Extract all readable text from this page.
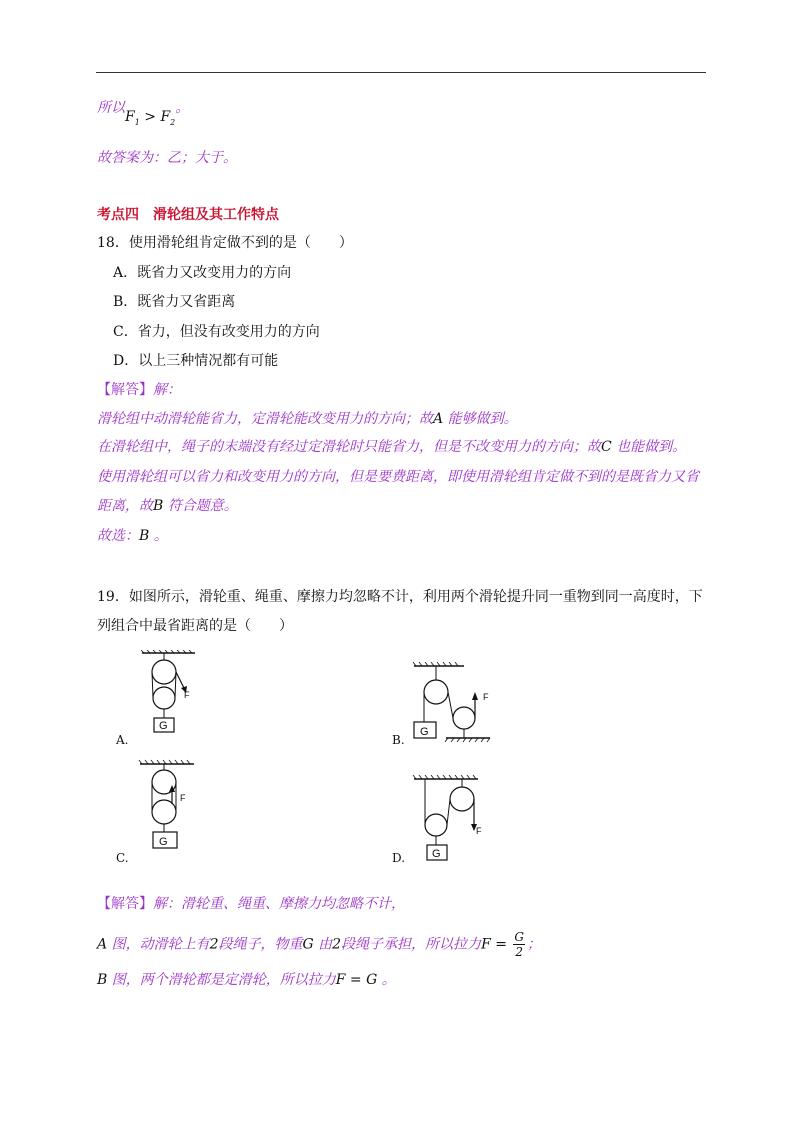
所以$F_1 > F_2$。
故答案为：乙；大于。
考点四　滑轮组及其工作特点
18．使用滑轮组肯定做不到的是（　　）
A．既省力又改变用力的方向
B．既省力又省距离
C．省力，但没有改变用力的方向
D．以上三种情况都有可能
【解答】解：
滑轮组中动滑轮能省力，定滑轮能改变用力的方向；故A 能够做到。
在滑轮组中，绳子的末端没有经过定滑轮时只能省力，但是不改变用力的方向；故C 也能做到。
使用滑轮组可以省力和改变用力的方向，但是要费距离，即使用滑轮组肯定做不到的是既省力又省
距离，故B 符合题意。
故选：B 。
19．如图所示，滑轮重、绳重、摩擦力均忽略不计，利用两个滑轮提升同一重物到同一高度时，下
列组合中最省距离的是（　　）
A.
F
G
B.
F
G
C.
F
G
D.
F
G
【解答】解：滑轮重、绳重、摩擦力均忽略不计，
A 图，动滑轮上有2段绳子，物重G 由2段绳子承担，所以拉力$F = \frac{G}{2}$ ；
B 图，两个滑轮都是定滑轮，所以拉力F = G 。
